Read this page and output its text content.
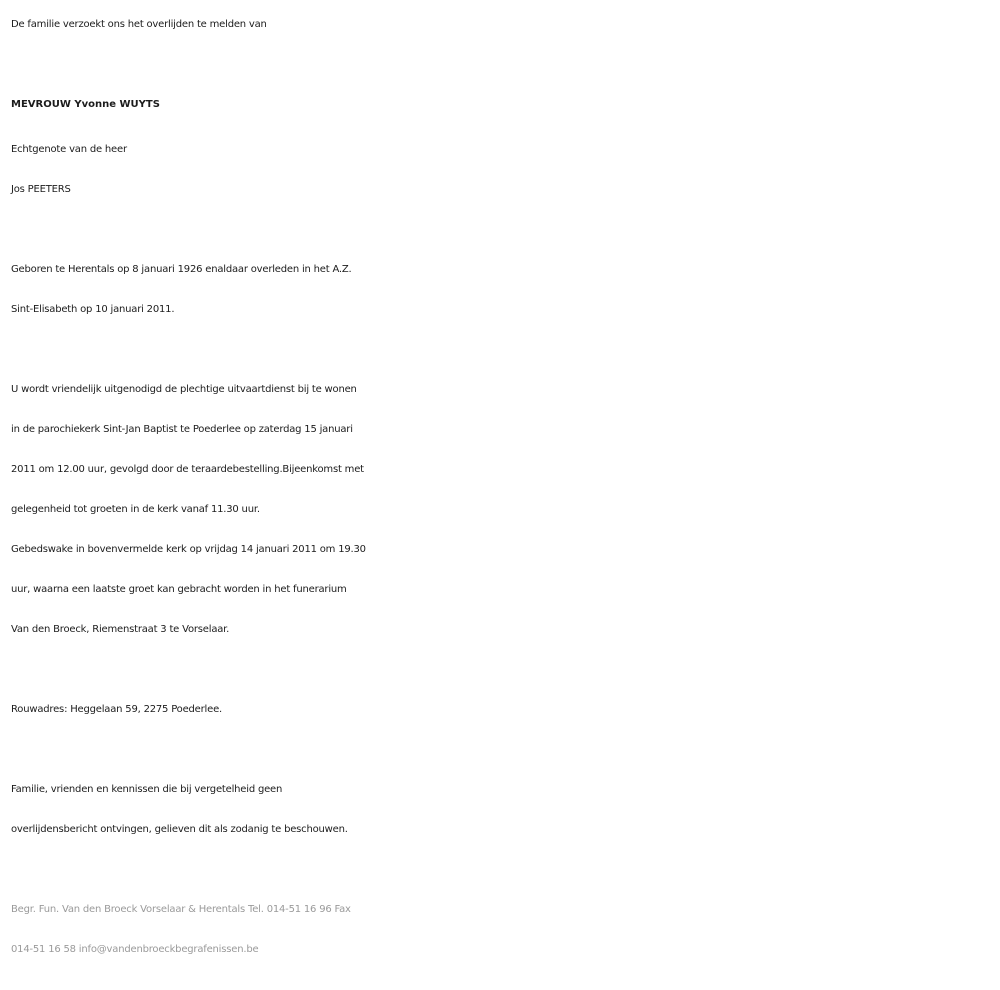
De familie verzoekt ons het overlijden te melden van
MEVROUW Yvonne WUYTS
Echtgenote van de heer
Jos PEETERS
Geboren te Herentals op 8 januari 1926 enaldaar overleden in het A.Z.
Sint-Elisabeth op 10 januari 2011.
U wordt vriendelijk uitgenodigd de plechtige uitvaartdienst bij te wonen
in de parochiekerk Sint-Jan Baptist te Poederlee op zaterdag 15 januari
2011 om 12.00 uur, gevolgd door de teraardebestelling.Bijeenkomst met
gelegenheid tot groeten in de kerk vanaf 11.30 uur.
Gebedswake in bovenvermelde kerk op vrijdag 14 januari 2011 om 19.30
uur, waarna een laatste groet kan gebracht worden in het funerarium
Van den Broeck, Riemenstraat 3 te Vorselaar.
Rouwadres: Heggelaan 59, 2275 Poederlee.
Familie, vrienden en kennissen die bij vergetelheid geen
overlijdensbericht ontvingen, gelieven dit als zodanig te beschouwen.
Begr. Fun. Van den Broeck Vorselaar & Herentals Tel. 014-51 16 96 Fax
014-51 16 58 info@vandenbroeckbegrafenissen.be
